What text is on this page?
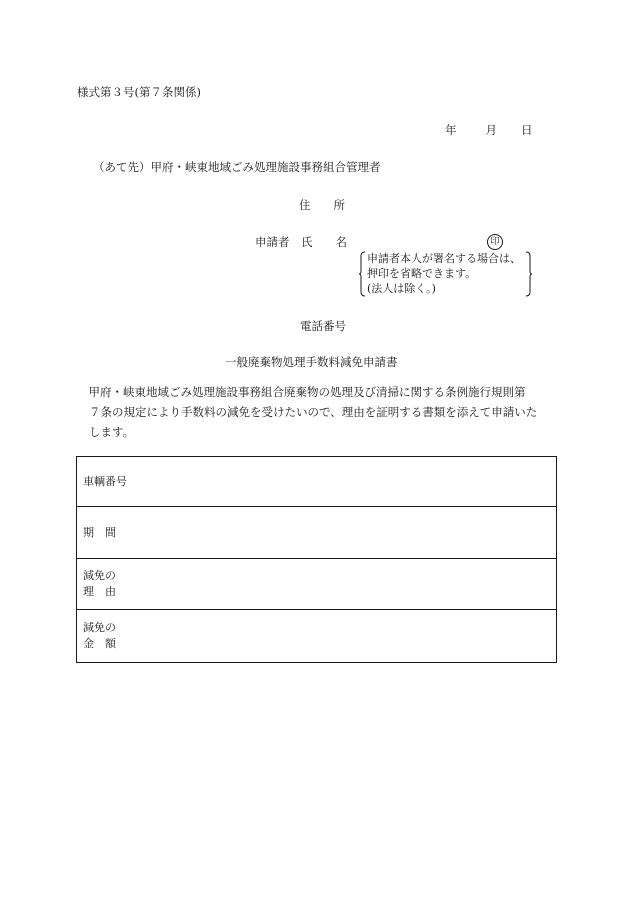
様式第３号(第７条関係)
年	月 日
（あて先）甲府・峡東地域ごみ処理施設事務組合管理者
住　　所
申請者　氏　　名	印
申請者本人が署名する場合は、
押印を省略できます。
(法人は除く。)
電話番号
一般廃棄物処理手数料減免申請書

　甲府・峡東地域ごみ処理施設事務組合廃棄物の処理及び清掃に関する条例施行規則第

７条の規定により手数料の減免を受けたいので、理由を証明する書類を添えて申請いた

します。

車輌番号
期　間
減免の
理　由
減免の
金　額
